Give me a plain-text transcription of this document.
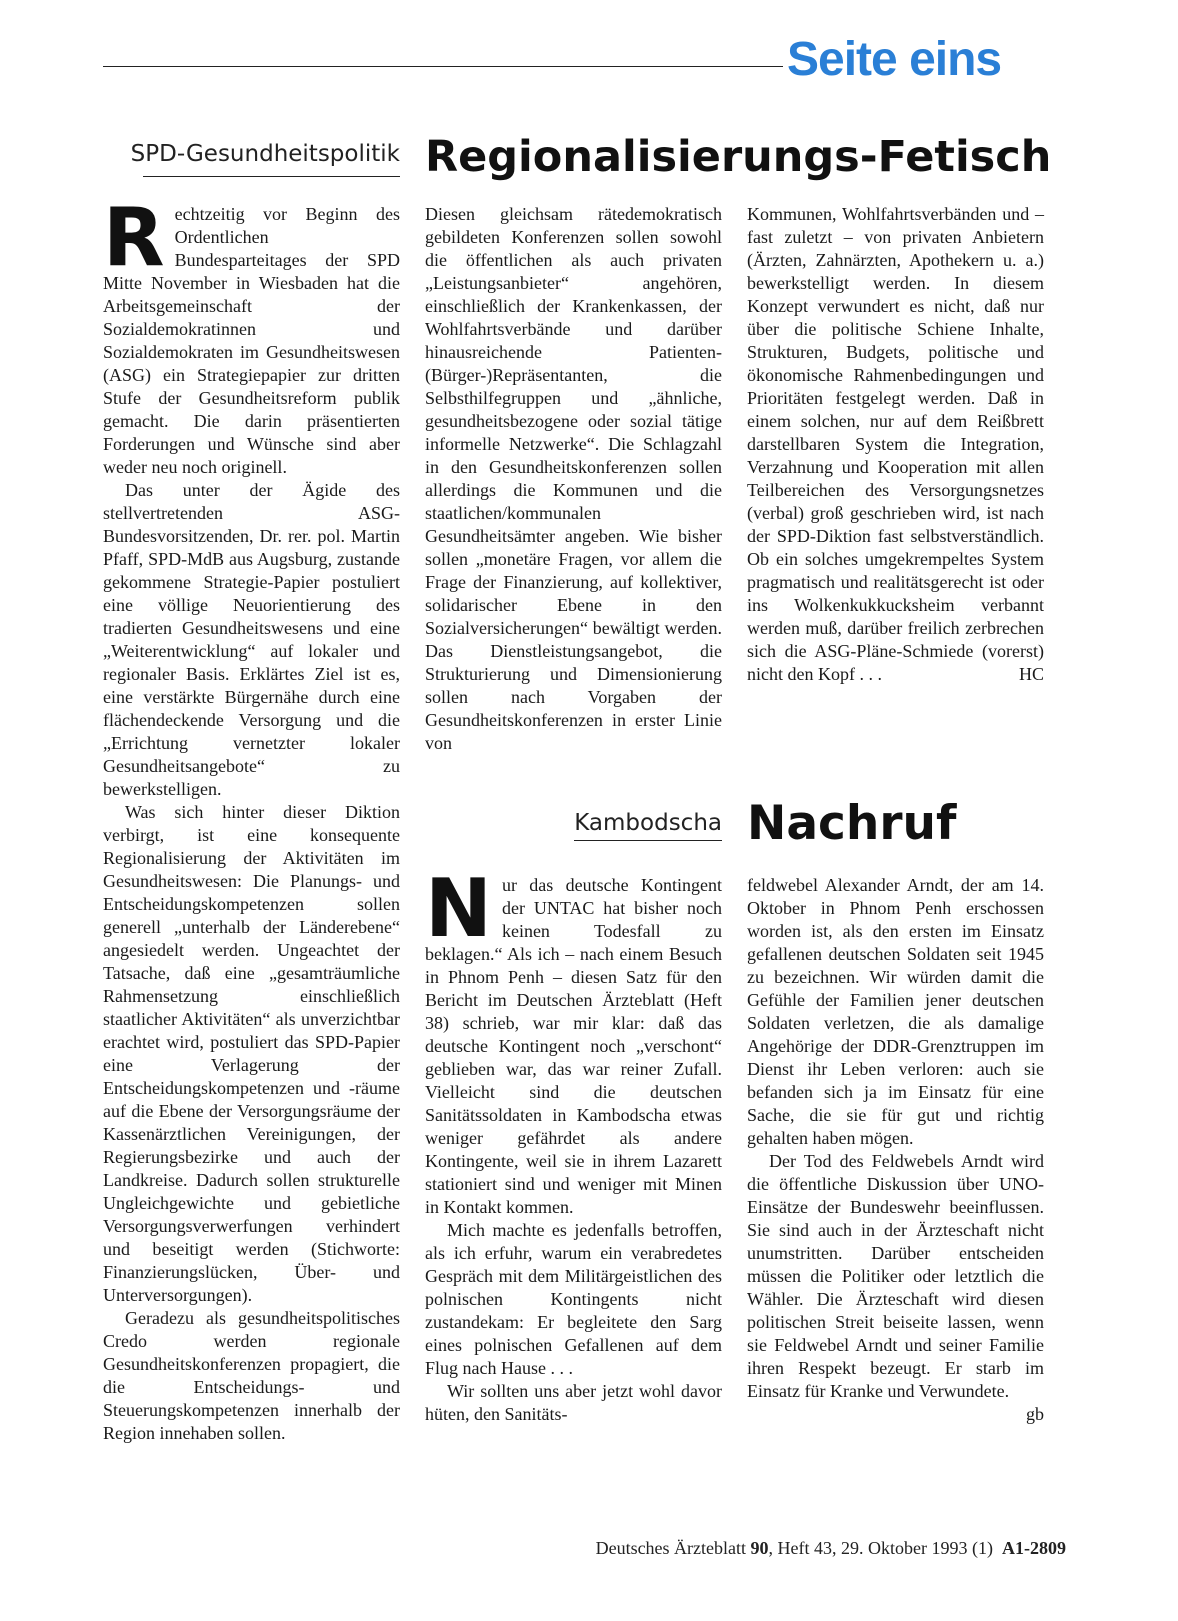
Seite eins
SPD-Gesundheitspolitik Regionalisierungs-Fetisch

Rechtzeitig vor Beginn des Ordentlichen Bundesparteitages der SPD Mitte November in Wiesbaden hat die Arbeitsgemeinschaft der Sozialdemokratinnen und Sozialdemokraten im Gesundheitswesen (ASG) ein Strategiepapier zur dritten Stufe der Gesundheitsreform publik gemacht. Die darin präsentierten Forderungen und Wünsche sind aber weder neu noch originell.

Das unter der Ägide des stellvertretenden ASG-Bundesvorsitzenden, Dr. rer. pol. Martin Pfaff, SPD-MdB aus Augsburg, zustande gekommene Strategie-Papier postuliert eine völlige Neuorientierung des tradierten Gesundheitswesens und eine „Weiterentwicklung“ auf lokaler und regionaler Basis. Erklärtes Ziel ist es, eine verstärkte Bürgernähe durch eine flächendeckende Versorgung und die „Errichtung vernetzter lokaler Gesundheitsangebote“ zu bewerkstelligen.

Was sich hinter dieser Diktion verbirgt, ist eine konsequente Regionalisierung der Aktivitäten im Gesundheitswesen: Die Planungs- und Entscheidungskompetenzen sollen generell „unterhalb der Länderebene“ angesiedelt werden. Ungeachtet der Tatsache, daß eine „gesamträumliche Rahmensetzung einschließlich staatlicher Aktivitäten“ als unverzichtbar erachtet wird, postuliert das SPD-Papier eine Verlagerung der Entscheidungskompetenzen und -räume auf die Ebene der Versorgungsräume der Kassenärztlichen Vereinigungen, der Regierungsbezirke und auch der Landkreise. Dadurch sollen strukturelle Ungleichgewichte und gebietliche Versorgungsverwerfungen verhindert und beseitigt werden (Stichworte: Finanzierungslücken, Über- und Unterversorgungen).

Geradezu als gesundheitspolitisches Credo werden regionale Gesundheitskonferenzen propagiert, die die Entscheidungs- und Steuerungskompetenzen innerhalb der Region innehaben sollen.

Diesen gleichsam rätedemokratisch gebildeten Konferenzen sollen sowohl die öffentlichen als auch privaten „Leistungsanbieter“ angehören, einschließlich der Krankenkassen, der Wohlfahrtsverbände und darüber hinausreichende Patienten- (Bürger-)Repräsentanten, die Selbsthilfegruppen und „ähnliche, gesundheitsbezogene oder sozial tätige informelle Netzwerke“. Die Schlagzahl in den Gesundheitskonferenzen sollen allerdings die Kommunen und die staatlichen/kommunalen Gesundheitsämter angeben. Wie bisher sollen „monetäre Fragen, vor allem die Frage der Finanzierung, auf kollektiver, solidarischer Ebene in den Sozialversicherungen“ bewältigt werden. Das Dienstleistungsangebot, die Strukturierung und Dimensionierung sollen nach Vorgaben der Gesundheitskonferenzen in erster Linie von

Kommunen, Wohlfahrtsverbänden und – fast zuletzt – von privaten Anbietern (Ärzten, Zahnärzten, Apothekern u. a.) bewerkstelligt werden. In diesem Konzept verwundert es nicht, daß nur über die politische Schiene Inhalte, Strukturen, Budgets, politische und ökonomische Rahmenbedingungen und Prioritäten festgelegt werden. Daß in einem solchen, nur auf dem Reißbrett darstellbaren System die Integration, Verzahnung und Kooperation mit allen Teilbereichen des Versorgungsnetzes (verbal) groß geschrieben wird, ist nach der SPD-Diktion fast selbstverständlich. Ob ein solches umgekrempeltes System pragmatisch und realitätsgerecht ist oder ins Wolkenkukkucksheim verbannt werden muß, darüber freilich zerbrechen sich die ASG-Pläne-Schmiede (vorerst) nicht den Kopf . . .	HC

Kambodscha Nachruf

Nur das deutsche Kontingent der UNTAC hat bisher noch keinen Todesfall zu beklagen.“ Als ich – nach einem Besuch in Phnom Penh – diesen Satz für den Bericht im Deutschen Ärzteblatt (Heft 38) schrieb, war mir klar: daß das deutsche Kontingent noch „verschont“ geblieben war, das war reiner Zufall. Vielleicht sind die deutschen Sanitätssoldaten in Kambodscha etwas weniger gefährdet als andere Kontingente, weil sie in ihrem Lazarett stationiert sind und weniger mit Minen in Kontakt kommen.

Mich machte es jedenfalls betroffen, als ich erfuhr, warum ein verabredetes Gespräch mit dem Militärgeistlichen des polnischen Kontingents nicht zustandekam: Er begleitete den Sarg eines polnischen Gefallenen auf dem Flug nach Hause . . .

Wir sollten uns aber jetzt wohl davor hüten, den Sanitäts-

feldwebel Alexander Arndt, der am 14. Oktober in Phnom Penh erschossen worden ist, als den ersten im Einsatz gefallenen deutschen Soldaten seit 1945 zu bezeichnen. Wir würden damit die Gefühle der Familien jener deutschen Soldaten verletzen, die als damalige Angehörige der DDR-Grenztruppen im Dienst ihr Leben verloren: auch sie befanden sich ja im Einsatz für eine Sache, die sie für gut und richtig gehalten haben mögen.

Der Tod des Feldwebels Arndt wird die öffentliche Diskussion über UNO-Einsätze der Bundeswehr beeinflussen. Sie sind auch in der Ärzteschaft nicht unumstritten. Darüber entscheiden müssen die Politiker oder letztlich die Wähler. Die Ärzteschaft wird diesen politischen Streit beiseite lassen, wenn sie Feldwebel Arndt und seiner Familie ihren Respekt bezeugt. Er starb im Einsatz für Kranke und Verwundete.
gb

Deutsches Ärzteblatt 90, Heft 43, 29. Oktober 1993 (1) A1-2809
